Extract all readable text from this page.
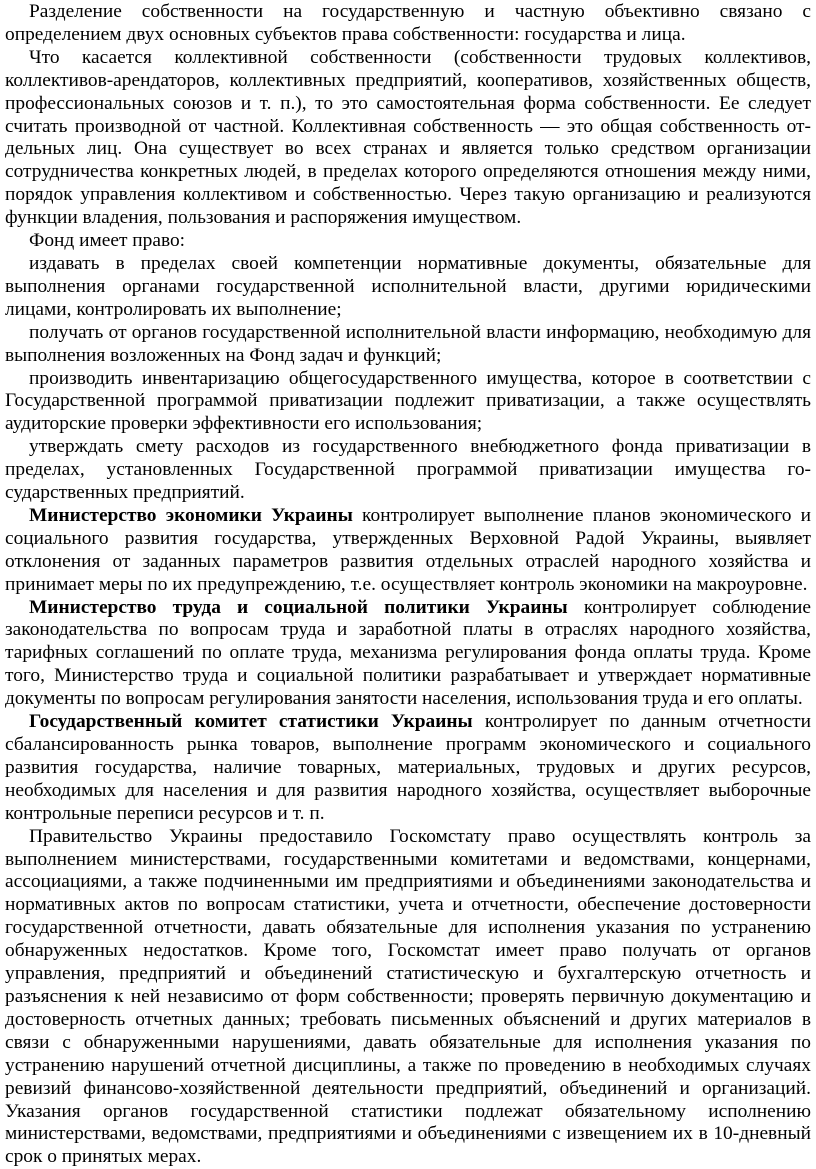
Разделение собственности на государственную и частную объективно связано с определением двух основных субъектов права собственности: государства и лица.

Что касается коллективной собственности (собственности трудовых коллективов, коллективов-арендаторов, коллективных предприятий, кооперативов, хозяйственных обществ, профессиональных союзов и т. п.), то это самостоятельная форма собственности. Ее следует считать производной от частной. Коллективная собственность — это общая собственность отдельных лиц. Она существует во всех странах и является только средством организации сотрудничества конкретных людей, в пределах которого определяются отношения между ними, порядок управления коллективом и собственностью. Через такую организацию и реализуются функции владения, пользования и распоряжения имуществом.

Фонд имеет право:

издавать в пределах своей компетенции нормативные документы, обязательные для выполнения органами государственной исполнительной власти, другими юридическими лицами, контролировать их выполнение;

получать от органов государственной исполнительной власти информацию, необходимую для выполнения возложенных на Фонд задач и функций;

производить инвентаризацию общегосударственного имущества, которое в соответствии с Государственной программой приватизации подлежит приватизации, а также осуществлять аудиторские проверки эффективности его использования;

утверждать смету расходов из государственного внебюджетного фонда приватизации в пределах, установленных Государственной программой приватизации имущества государственных предприятий.

Министерство экономики Украины контролирует выполнение планов экономического и социального развития государства, утвержденных Верховной Радой Украины, выявляет отклонения от заданных параметров развития отдельных отраслей народного хозяйства и принимает меры по их предупреждению, т.е. осуществляет контроль экономики на макроуровне.

Министерство труда и социальной политики Украины контролирует соблюдение законодательства по вопросам труда и заработной платы в отраслях народного хозяйства, тарифных соглашений по оплате труда, механизма регулирования фонда оплаты труда. Кроме того, Министерство труда и социальной политики разрабатывает и утверждает нормативные документы по вопросам регулирования занятости населения, использования труда и его оплаты.

Государственный комитет статистики Украины контролирует по данным отчетности сбалансированность рынка товаров, выполнение программ экономического и социального развития государства, наличие товарных, материальных, трудовых и других ресурсов, необходимых для населения и для развития народного хозяйства, осуществляет выборочные контрольные переписи ресурсов и т. п.

Правительство Украины предоставило Госкомстату право осуществлять контроль за выполнением министерствами, государственными комитетами и ведомствами, концернами, ассоциациями, а также подчиненными им предприятиями и объединениями законодательства и нормативных актов по вопросам статистики, учета и отчетности, обеспечение достоверности государственной отчетности, давать обязательные для исполнения указания по устранению обнаруженных недостатков. Кроме того, Госкомстат имеет право получать от органов управления, предприятий и объединений статистическую и бухгалтерскую отчетность и разъяснения к ней независимо от форм собственности; проверять первичную документацию и достоверность отчетных данных; требовать письменных объяснений и других материалов в связи с обнаруженными нарушениями, давать обязательные для исполнения указания по устранению нарушений отчетной дисциплины, а также по проведению в необходимых случаях ревизий финансово-хозяйственной деятельности предприятий, объединений и организаций. Указания органов государственной статистики подлежат обязательному исполнению министерствами, ведомствами, предприятиями и объединениями с извещением их в 10-дневный срок о принятых мерах.
